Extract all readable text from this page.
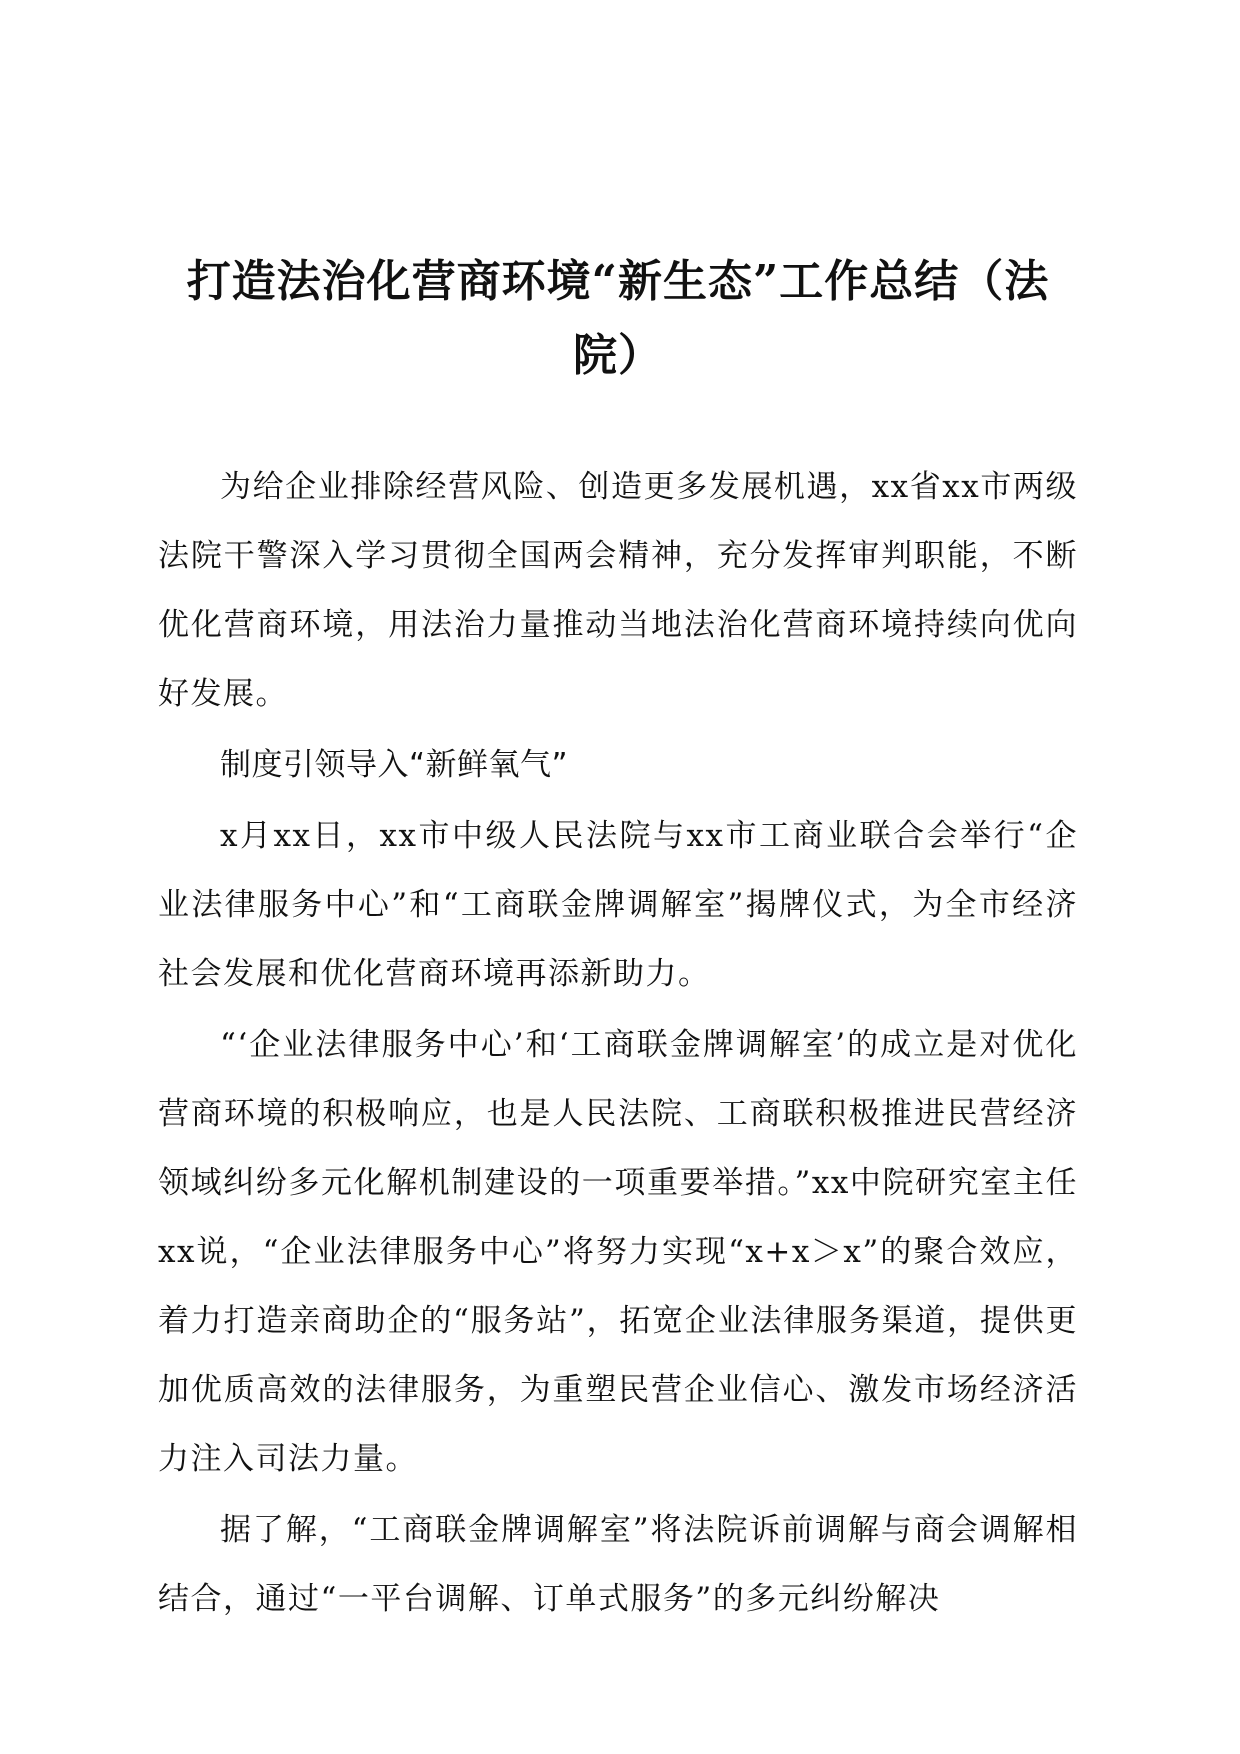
打造法治化营商环境“新生态”工作总结（法院）

为给企业排除经营风险、创造更多发展机遇，xx省xx市两级法院干警深入学习贯彻全国两会精神，充分发挥审判职能，不断优化营商环境，用法治力量推动当地法治化营商环境持续向优向好发展。

制度引领导入“新鲜氧气”

x月xx日，xx市中级人民法院与xx市工商业联合会举行“企业法律服务中心”和“工商联金牌调解室”揭牌仪式，为全市经济社会发展和优化营商环境再添新助力。

“‘企业法律服务中心’和‘工商联金牌调解室’的成立是对优化营商环境的积极响应，也是人民法院、工商联积极推进民营经济领域纠纷多元化解机制建设的一项重要举措。”xx中院研究室主任xx说，“企业法律服务中心”将努力实现“x+x＞x”的聚合效应，着力打造亲商助企的“服务站”，拓宽企业法律服务渠道，提供更加优质高效的法律服务，为重塑民营企业信心、激发市场经济活力注入司法力量。

据了解，“工商联金牌调解室”将法院诉前调解与商会调解相结合，通过“一平台调解、订单式服务”的多元纠纷解决
